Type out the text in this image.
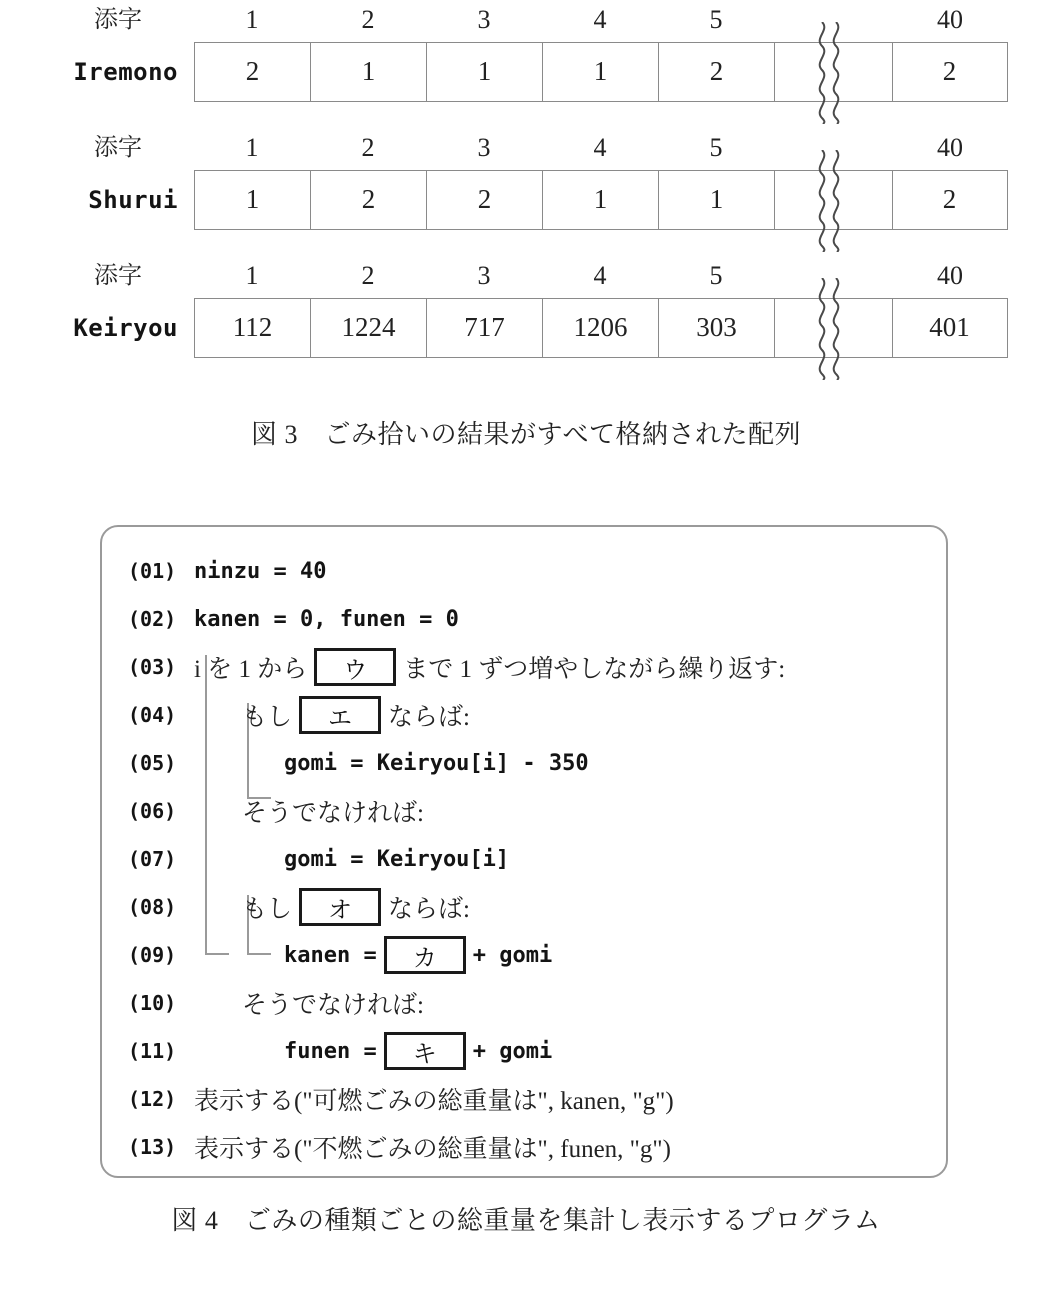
添字	1	2	3	4	5	40
Iremono	2	1	1	1	2	2
添字	1	2	3	4	5	40
Shurui	1	2	2	1	1	2
添字	1	2	3	4	5	40
Keiryou	112	1224	717	1206	303	401
図 3　ごみ拾いの結果がすべて格納された配列
(01) ninzu = 40
(02) kanen = 0, funen = 0
(03) i を 1 から	ウ	まで 1 ずつ増やしながら繰り返す:
(04)	もし	エ	ならば:
(05)	gomi = Keiryou[i] - 350
(06)	そうでなければ:
(07)	gomi = Keiryou[i]
(08)	もし	オ	ならば:
(09)	kanen =	カ	+ gomi
(10)	そうでなければ:
(11)	funen =	キ	+ gomi
(12) 表示する ("可燃ごみの総重量は", kanen, "g")
(13) 表示する ("不燃ごみの総重量は", funen, "g")
図 4　ごみの種類ごとの総重量を集計し表示するプログラム
